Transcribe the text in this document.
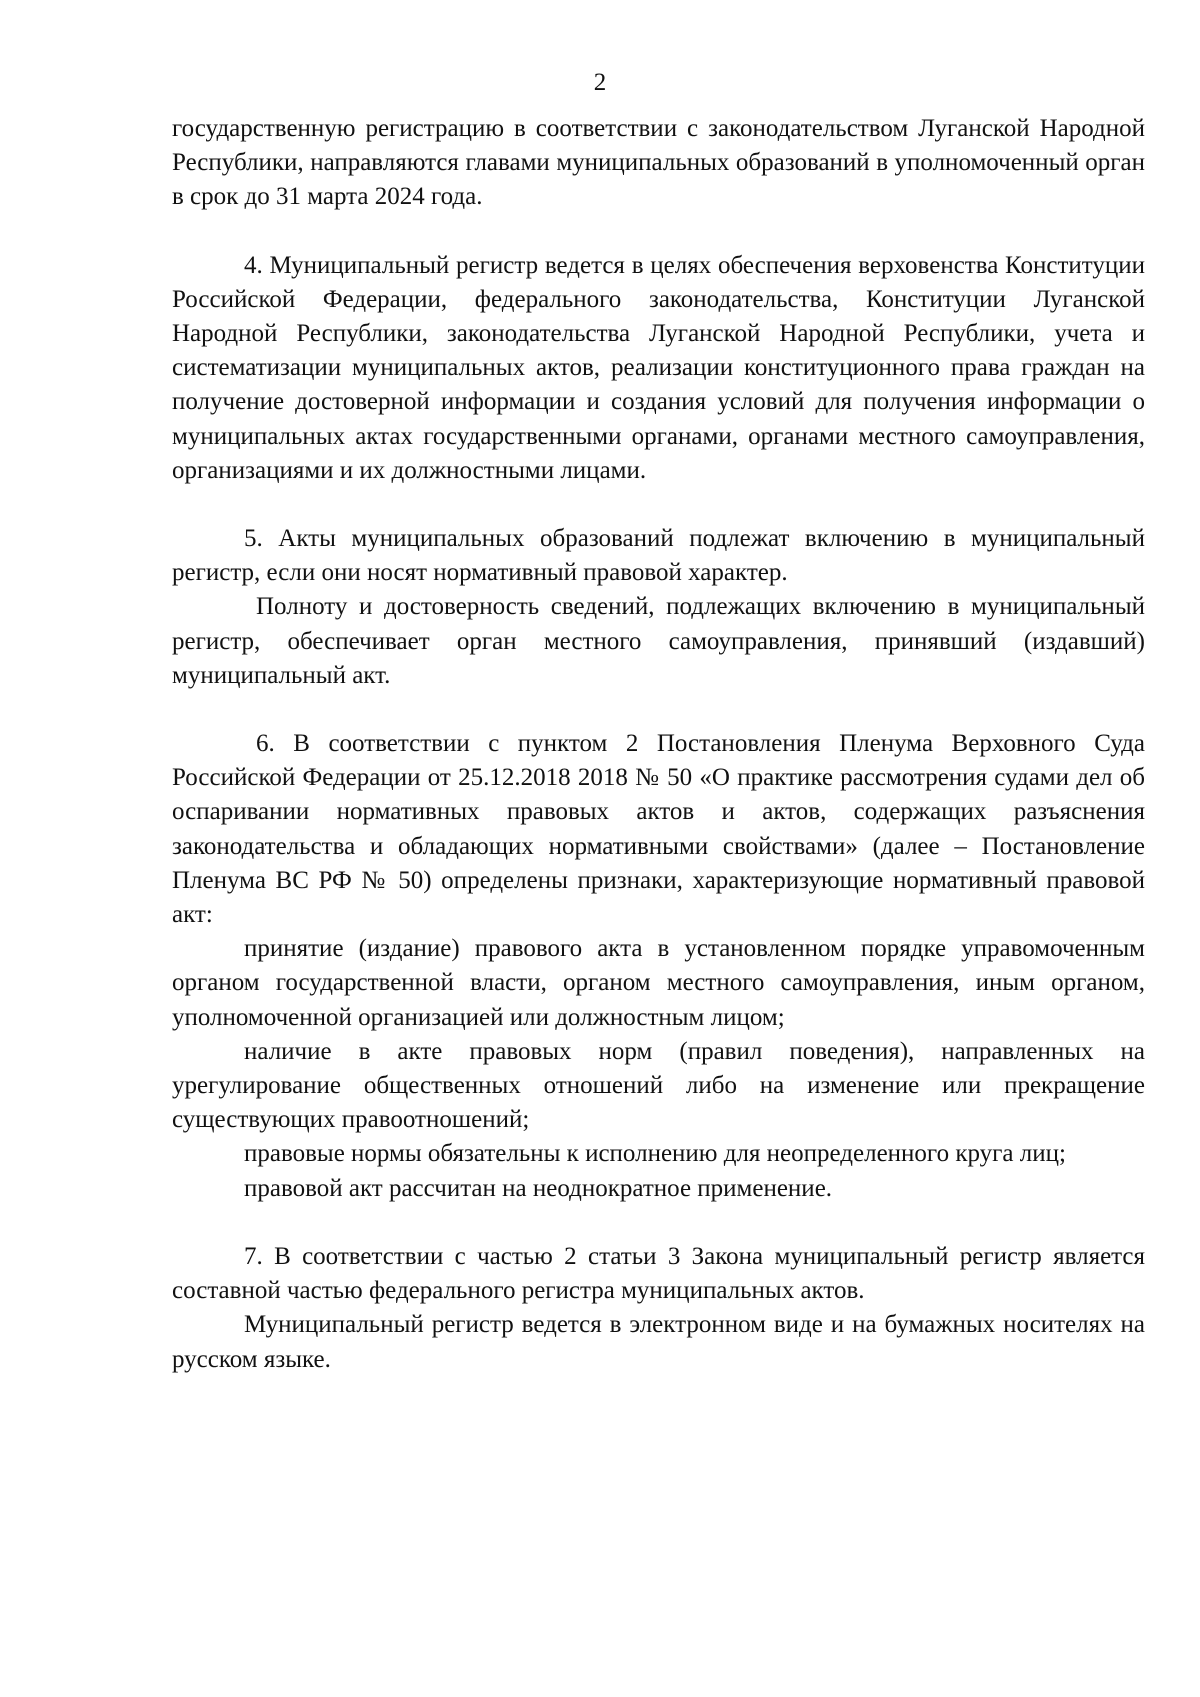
2

государственную регистрацию в соответствии с законодательством Луганской Народной Республики, направляются главами муниципальных образований в уполномоченный орган в срок до 31 марта 2024 года.

4. Муниципальный регистр ведется в целях обеспечения верховенства Конституции Российской Федерации, федерального законодательства, Конституции Луганской Народной Республики, законодательства Луганской Народной Республики, учета и систематизации муниципальных актов, реализации конституционного права граждан на получение достоверной информации и создания условий для получения информации о муниципальных актах государственными органами, органами местного самоуправления, организациями и их должностными лицами.

5. Акты муниципальных образований подлежат включению в муниципальный регистр, если они носят нормативный правовой характер.

Полноту и достоверность сведений, подлежащих включению в муниципальный регистр, обеспечивает орган местного самоуправления, принявший (издавший) муниципальный акт.

6. В соответствии с пунктом 2 Постановления Пленума Верховного Суда Российской Федерации от 25.12.2018 2018 № 50 «О практике рассмотрения судами дел об оспаривании нормативных правовых актов и актов, содержащих разъяснения законодательства и обладающих нормативными свойствами» (далее – Постановление Пленума ВС РФ № 50) определены признаки, характеризующие нормативный правовой акт:

принятие (издание) правового акта в установленном порядке управомоченным органом государственной власти, органом местного самоуправления, иным органом, уполномоченной организацией или должностным лицом;

наличие в акте правовых норм (правил поведения), направленных на урегулирование общественных отношений либо на изменение или прекращение существующих правоотношений;

правовые нормы обязательны к исполнению для неопределенного круга лиц;

правовой акт рассчитан на неоднократное применение.

7. В соответствии с частью 2 статьи 3 Закона муниципальный регистр является составной частью федерального регистра муниципальных актов.

Муниципальный регистр ведется в электронном виде и на бумажных носителях на русском языке.
